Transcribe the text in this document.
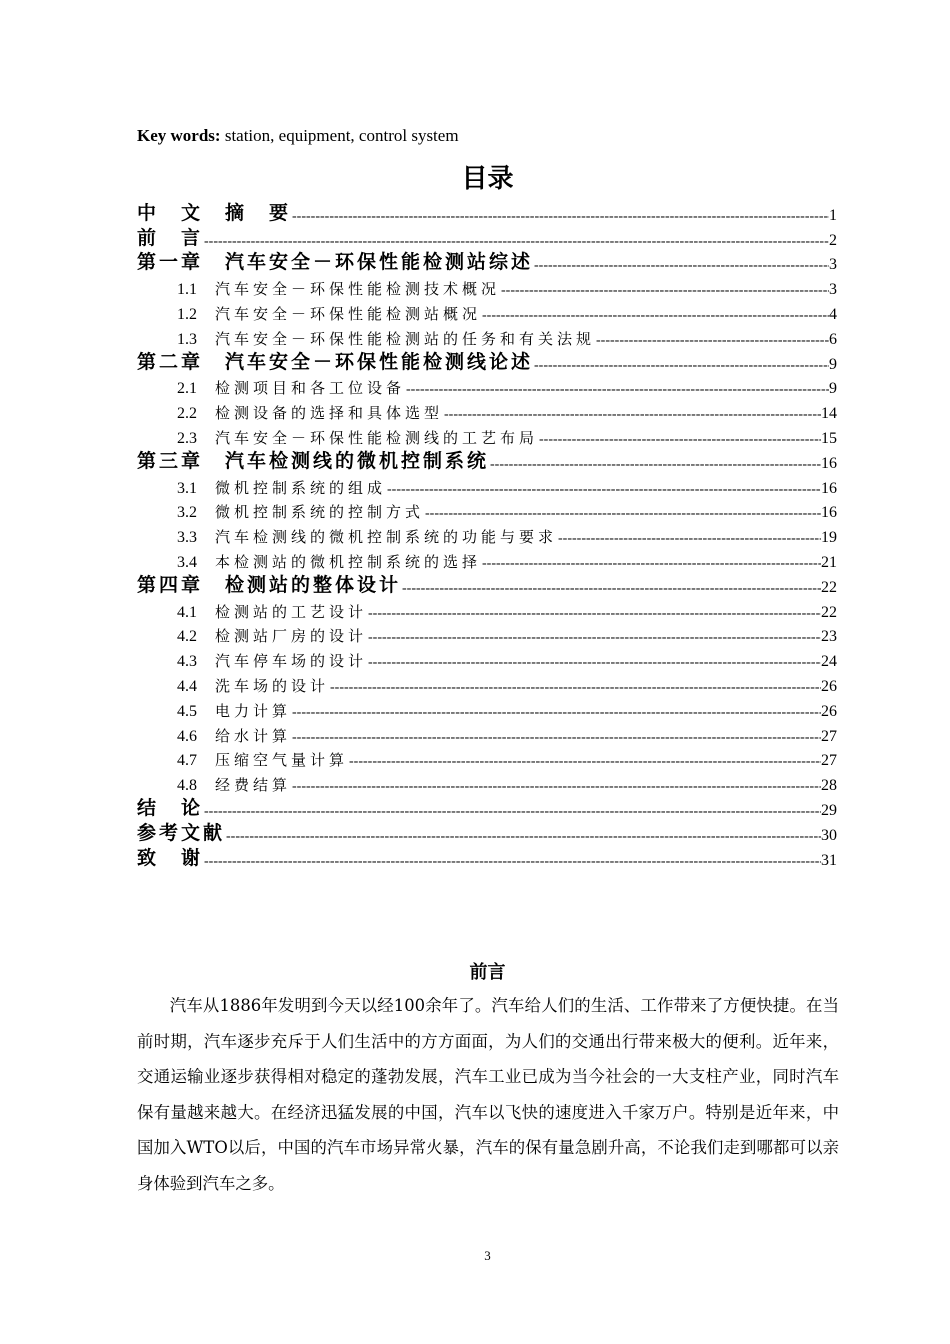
Key words: station, equipment, control system
目录
中　文　摘　要 -----	1
前　言 -----	2
第一章　汽车安全－环保性能检测站综述 -----	3
1.1 汽车安全－环保性能检测技术概况 -----	3
1.2 汽车安全－环保性能检测站概况 -----	4
1.3 汽车安全－环保性能检测站的任务和有关法规 -----	6
第二章　汽车安全－环保性能检测线论述 -----	9
2.1 检测项目和各工位设备 -----	9
2.2 检测设备的选择和具体选型 -----	14
2.3 汽车安全－环保性能检测线的工艺布局 -----	15
第三章　汽车检测线的微机控制系统 -----	16
3.1 微机控制系统的组成 -----	16
3.2 微机控制系统的控制方式 -----	16
3.3 汽车检测线的微机控制系统的功能与要求 -----	19
3.4 本检测站的微机控制系统的选择 -----	21
第四章　检测站的整体设计 -----	22
4.1 检测站的工艺设计 -----	22
4.2 检测站厂房的设计 -----	23
4.3 汽车停车场的设计 -----	24
4.4 洗车场的设计 -----	26
4.5 电力计算 -----	26
4.6 给水计算 -----	27
4.7 压缩空气量计算 -----	27
4.8 经费结算 -----	28
结　论 -----	29
参考文献 -----	30
致　谢 -----	31
前言
汽车从1886年发明到今天以经100余年了。汽车给人们的生活、工作带来了方便快捷。在当前时期，汽车逐步充斥于人们生活中的方方面面，为人们的交通出行带来极大的便利。近年来，交通运输业逐步获得相对稳定的蓬勃发展，汽车工业已成为当今社会的一大支柱产业，同时汽车保有量越来越大。在经济迅猛发展的中国，汽车以飞快的速度进入千家万户。特别是近年来，中国加入WTO以后，中国的汽车市场异常火暴，汽车的保有量急剧升高，不论我们走到哪都可以亲身体验到汽车之多。
3
